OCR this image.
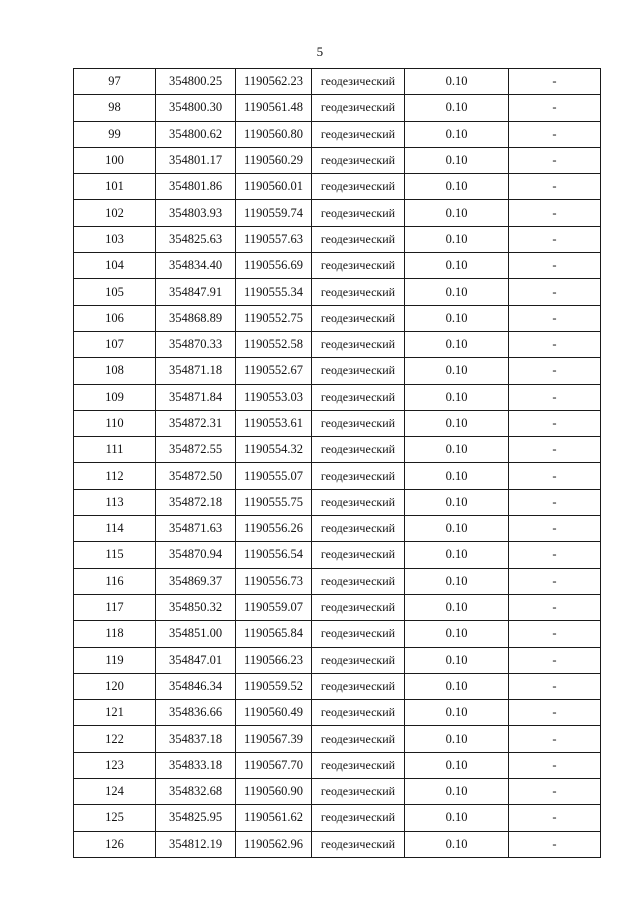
5
97	354800.25	1190562.23	геодезический	0.10	-
98	354800.30	1190561.48	геодезический	0.10	-
99	354800.62	1190560.80	геодезический	0.10	-
100	354801.17	1190560.29	геодезический	0.10	-
101	354801.86	1190560.01	геодезический	0.10	-
102	354803.93	1190559.74	геодезический	0.10	-
103	354825.63	1190557.63	геодезический	0.10	-
104	354834.40	1190556.69	геодезический	0.10	-
105	354847.91	1190555.34	геодезический	0.10	-
106	354868.89	1190552.75	геодезический	0.10	-
107	354870.33	1190552.58	геодезический	0.10	-
108	354871.18	1190552.67	геодезический	0.10	-
109	354871.84	1190553.03	геодезический	0.10	-
110	354872.31	1190553.61	геодезический	0.10	-
111	354872.55	1190554.32	геодезический	0.10	-
112	354872.50	1190555.07	геодезический	0.10	-
113	354872.18	1190555.75	геодезический	0.10	-
114	354871.63	1190556.26	геодезический	0.10	-
115	354870.94	1190556.54	геодезический	0.10	-
116	354869.37	1190556.73	геодезический	0.10	-
117	354850.32	1190559.07	геодезический	0.10	-
118	354851.00	1190565.84	геодезический	0.10	-
119	354847.01	1190566.23	геодезический	0.10	-
120	354846.34	1190559.52	геодезический	0.10	-
121	354836.66	1190560.49	геодезический	0.10	-
122	354837.18	1190567.39	геодезический	0.10	-
123	354833.18	1190567.70	геодезический	0.10	-
124	354832.68	1190560.90	геодезический	0.10	-
125	354825.95	1190561.62	геодезический	0.10	-
126	354812.19	1190562.96	геодезический	0.10	-
